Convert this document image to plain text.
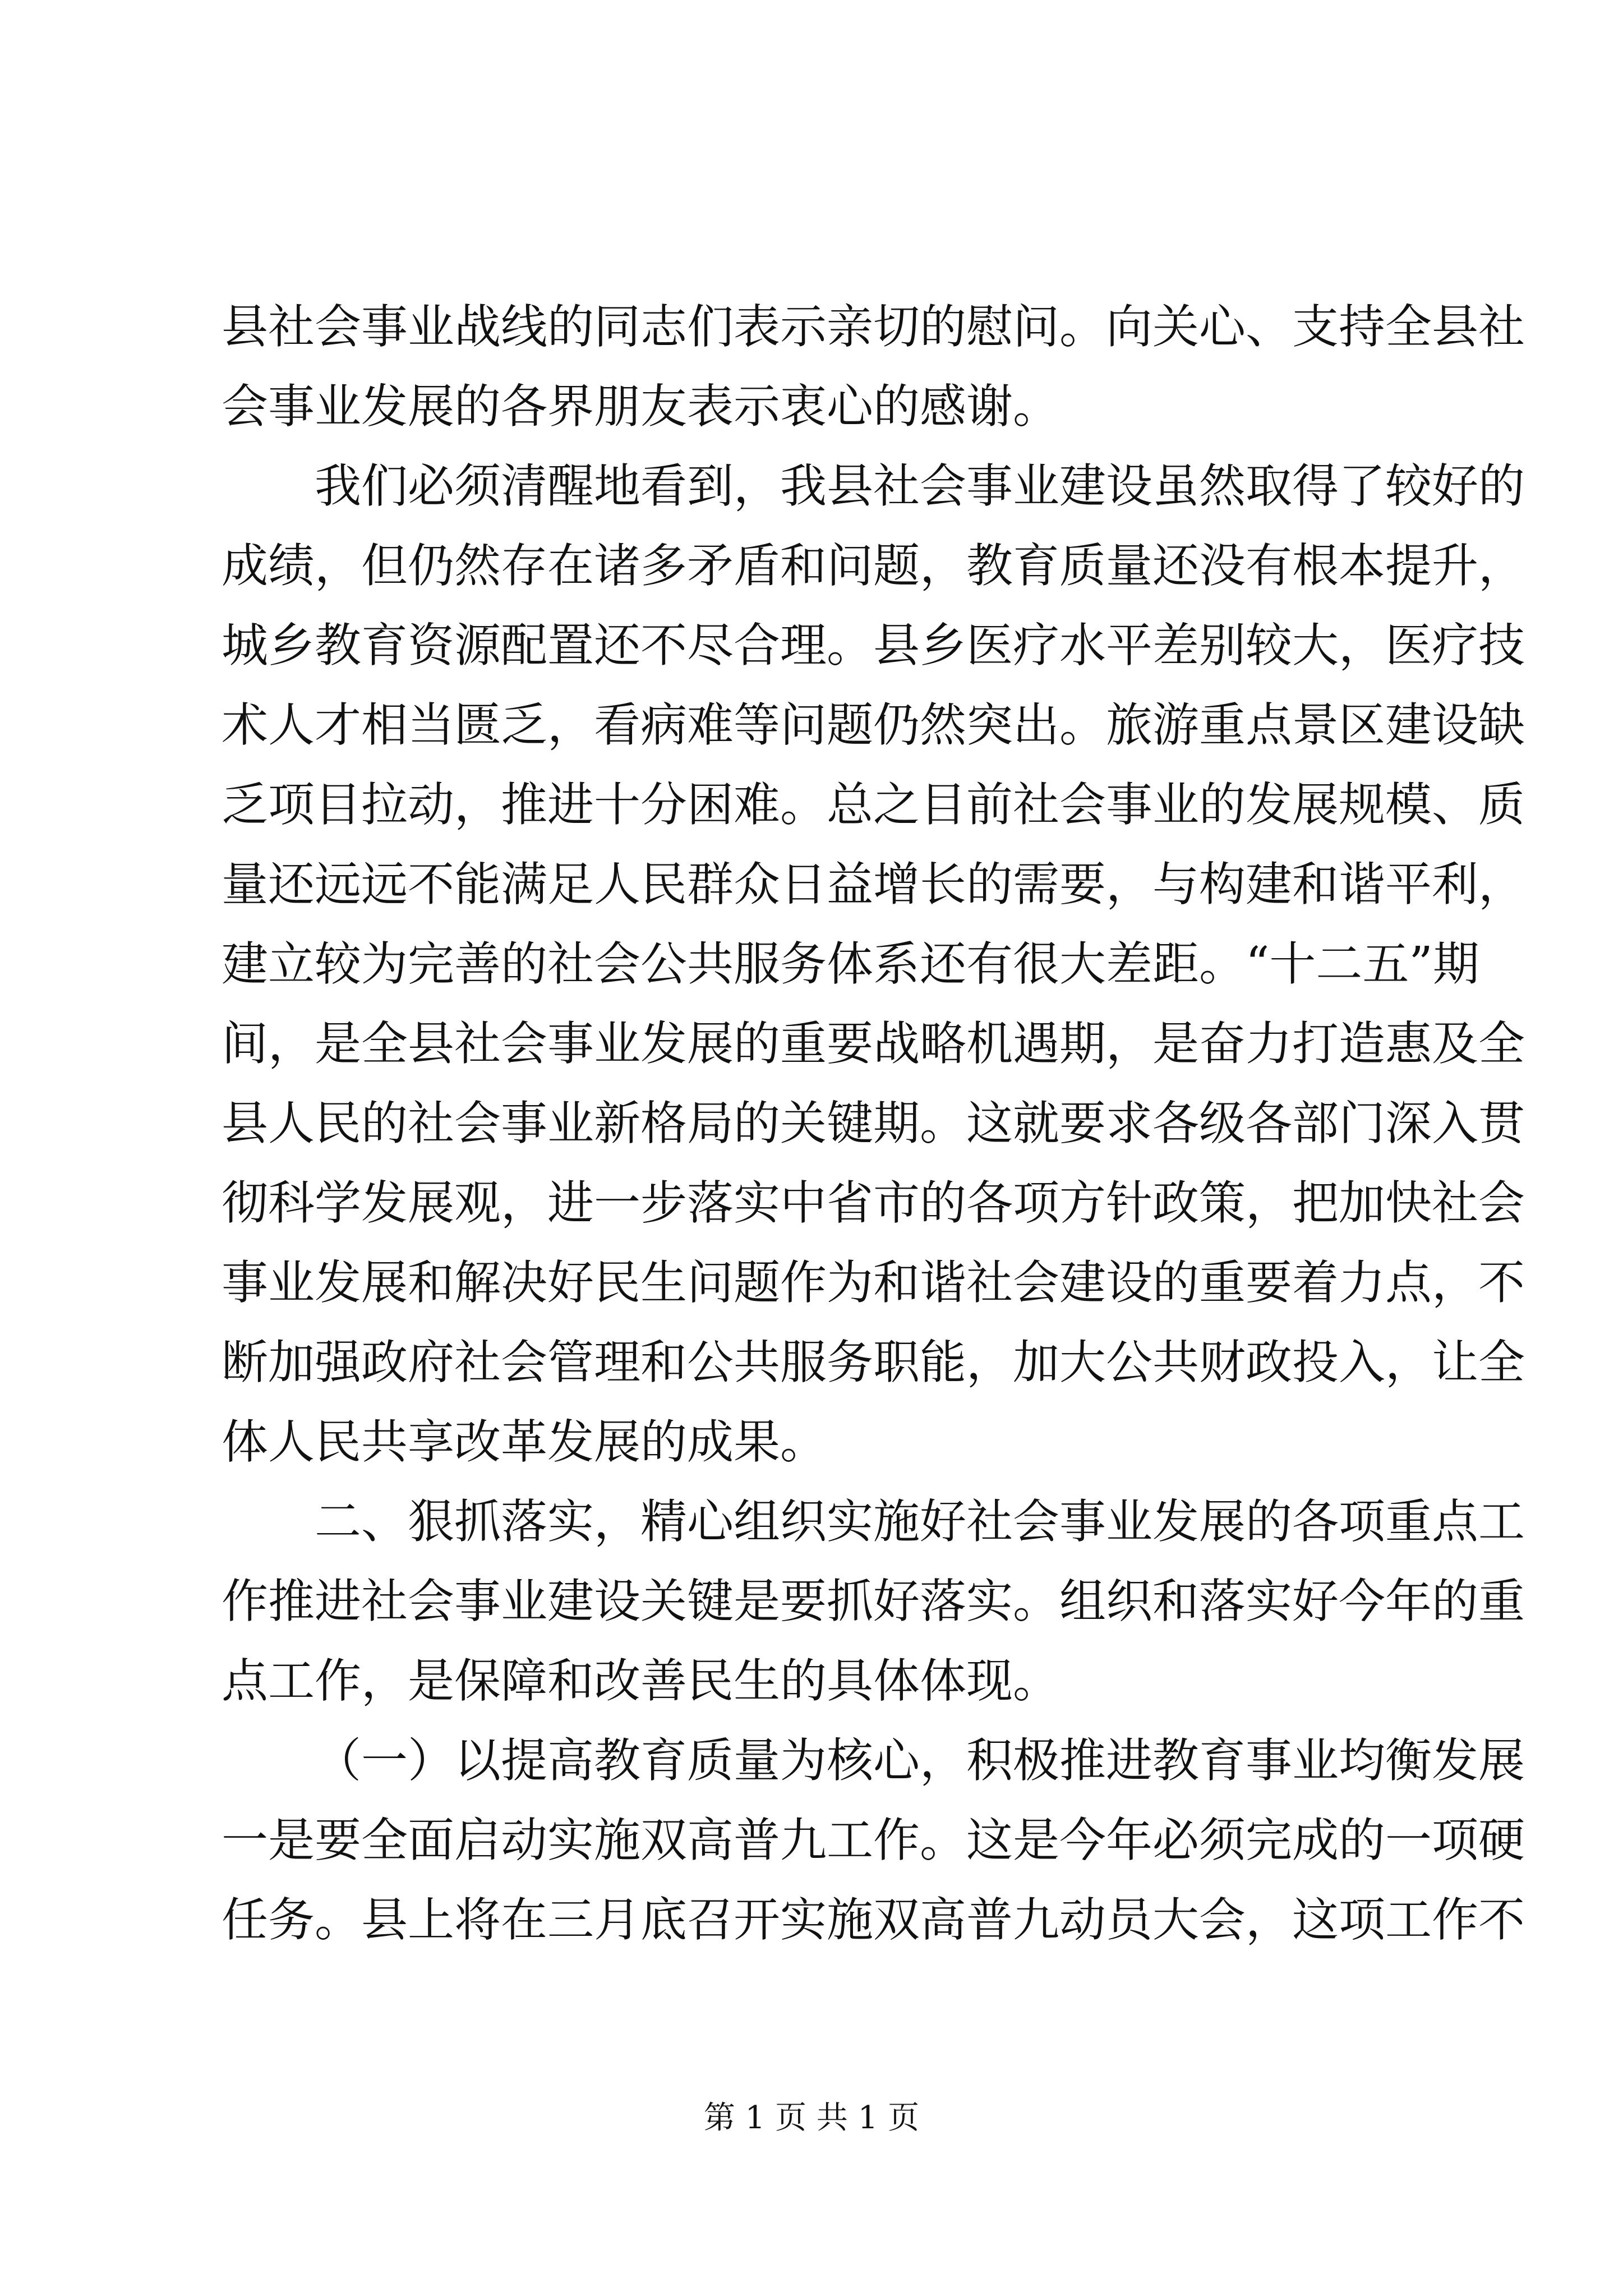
县社会事业战线的同志们表示亲切的慰问。向关心、支持全县社
会事业发展的各界朋友表示衷心的感谢。
我们必须清醒地看到，我县社会事业建设虽然取得了较好的
成绩，但仍然存在诸多矛盾和问题，教育质量还没有根本提升，
城乡教育资源配置还不尽合理。县乡医疗水平差别较大，医疗技
术人才相当匮乏，看病难等问题仍然突出。旅游重点景区建设缺
乏项目拉动，推进十分困难。总之目前社会事业的发展规模、质
量还远远不能满足人民群众日益增长的需要，与构建和谐平利，
建立较为完善的社会公共服务体系还有很大差距。“十二五”期
间，是全县社会事业发展的重要战略机遇期，是奋力打造惠及全
县人民的社会事业新格局的关键期。这就要求各级各部门深入贯
彻科学发展观，进一步落实中省市的各项方针政策，把加快社会
事业发展和解决好民生问题作为和谐社会建设的重要着力点，不
断加强政府社会管理和公共服务职能，加大公共财政投入，让全
体人民共享改革发展的成果。
二、狠抓落实，精心组织实施好社会事业发展的各项重点工
作推进社会事业建设关键是要抓好落实。组织和落实好今年的重
点工作，是保障和改善民生的具体体现。
（一）以提高教育质量为核心，积极推进教育事业均衡发展
一是要全面启动实施双高普九工作。这是今年必须完成的一项硬
任务。县上将在三月底召开实施双高普九动员大会，这项工作不
第 1 页 共 1 页
